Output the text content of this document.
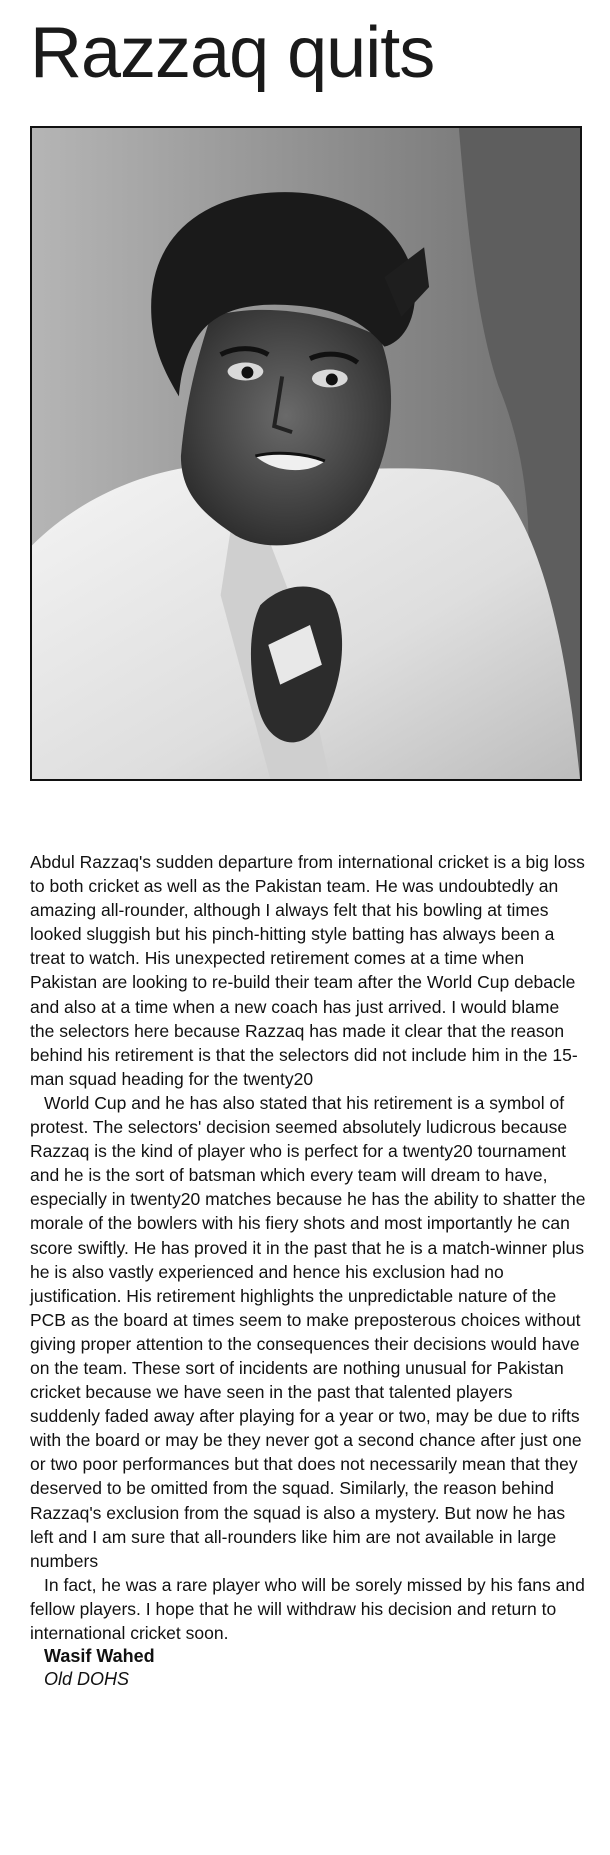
Razzaq quits

Abdul Razzaq's sudden departure from international cricket is a big loss to both cricket as well as the Pakistan team. He was undoubtedly an amazing all-rounder, although I always felt that his bowling at times looked sluggish but his pinch-hitting style batting has always been a treat to watch. His unexpected retirement comes at a time when Pakistan are looking to re-build their team after the World Cup debacle and also at a time when a new coach has just arrived. I would blame the selectors here because Razzaq has made it clear that the reason behind his retirement is that the selectors did not include him in the 15-man squad heading for the twenty20

World Cup and he has also stated that his retirement is a symbol of protest. The selectors' decision seemed absolutely ludicrous because Razzaq is the kind of player who is perfect for a twenty20 tournament and he is the sort of batsman which every team will dream to have, especially in twenty20 matches because he has the ability to shatter the morale of the bowlers with his fiery shots and most importantly he can score swiftly. He has proved it in the past that he is a match-winner plus he is also vastly experienced and hence his exclusion had no justification. His retirement highlights the unpredictable nature of the PCB as the board at times seem to make preposterous choices without giving proper attention to the consequences their decisions would have on the team. These sort of incidents are nothing unusual for Pakistan cricket because we have seen in the past that talented players suddenly faded away after playing for a year or two, may be due to rifts with the board or may be they never got a second chance after just one or two poor performances but that does not necessarily mean that they deserved to be omitted from the squad. Similarly, the reason behind Razzaq's exclusion from the squad is also a mystery. But now he has left and I am sure that all-rounders like him are not available in large numbers

In fact, he was a rare player who will be sorely missed by his fans and fellow players. I hope that he will withdraw his decision and return to international cricket soon.

Wasif Wahed

Old DOHS
